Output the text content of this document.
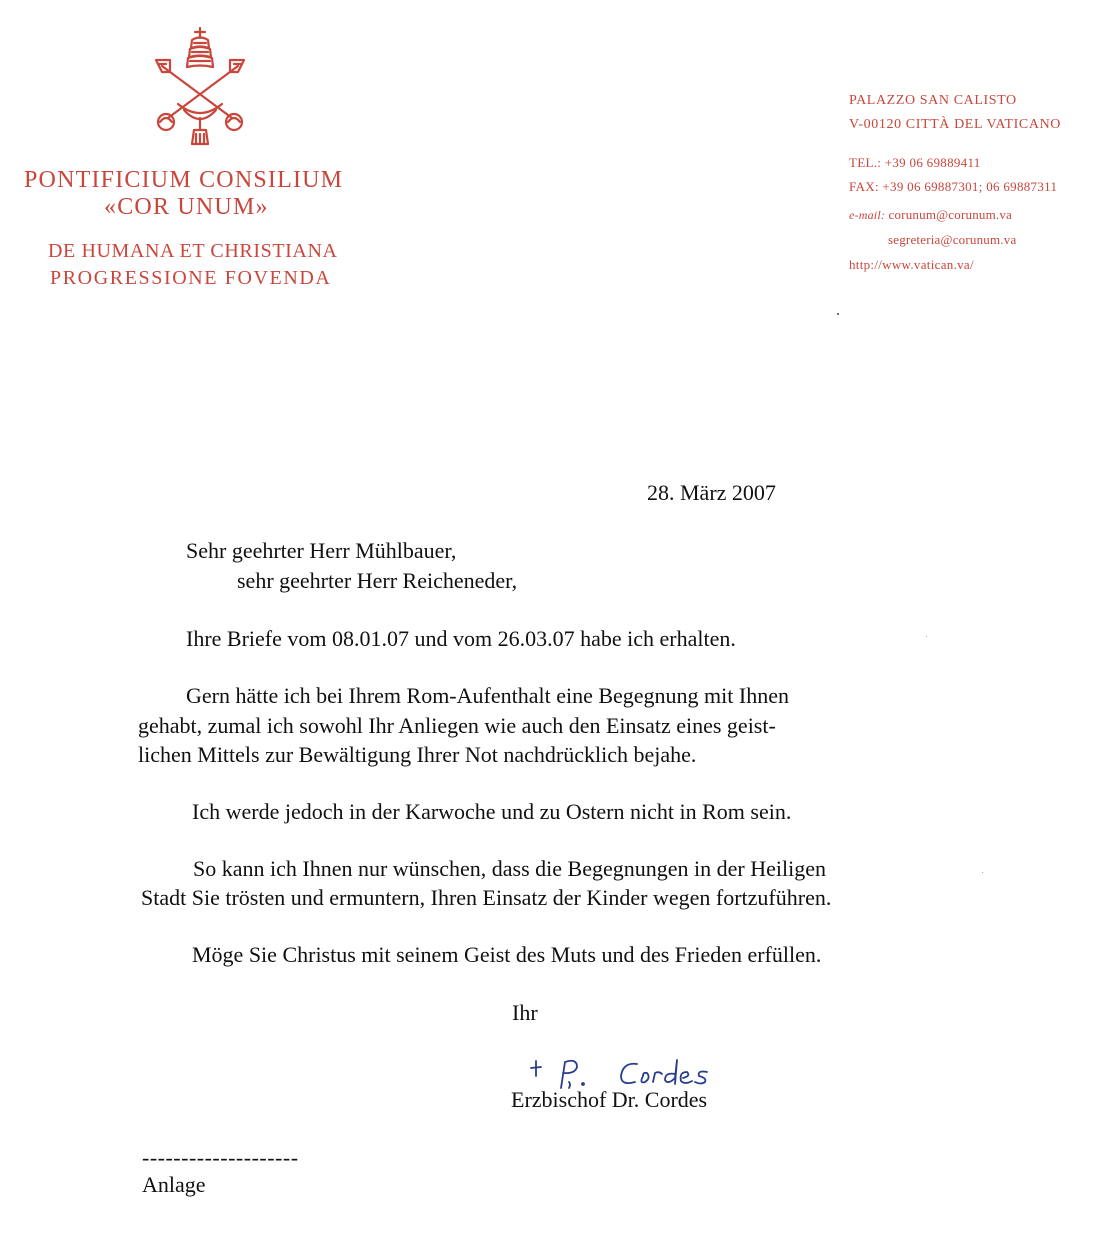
PONTIFICIUM CONSILIUM
«COR UNUM»
DE HUMANA ET CHRISTIANA
PROGRESSIONE FOVENDA
PALAZZO SAN CALISTO
V-00120 CITTÀ DEL VATICANO
TEL.: +39 06 69889411
FAX: +39 06 69887301; 06 69887311
e-mail: corunum@corunum.va
segreteria@corunum.va
http://www.vatican.va/
28. März 2007
Sehr geehrter Herr Mühlbauer,
sehr geehrter Herr Reicheneder,
Ihre Briefe vom 08.01.07 und vom 26.03.07 habe ich erhalten.
Gern hätte ich bei Ihrem Rom-Aufenthalt eine Begegnung mit Ihnen
gehabt, zumal ich sowohl Ihr Anliegen wie auch den Einsatz eines geist-
lichen Mittels zur Bewältigung Ihrer Not nachdrücklich bejahe.
Ich werde jedoch in der Karwoche und zu Ostern nicht in Rom sein.
So kann ich Ihnen nur wünschen, dass die Begegnungen in der Heiligen
Stadt Sie trösten und ermuntern, Ihren Einsatz der Kinder wegen fortzuführen.
Möge Sie Christus mit seinem Geist des Muts und des Frieden erfüllen.
Ihr
Erzbischof Dr. Cordes
--------------------
Anlage
